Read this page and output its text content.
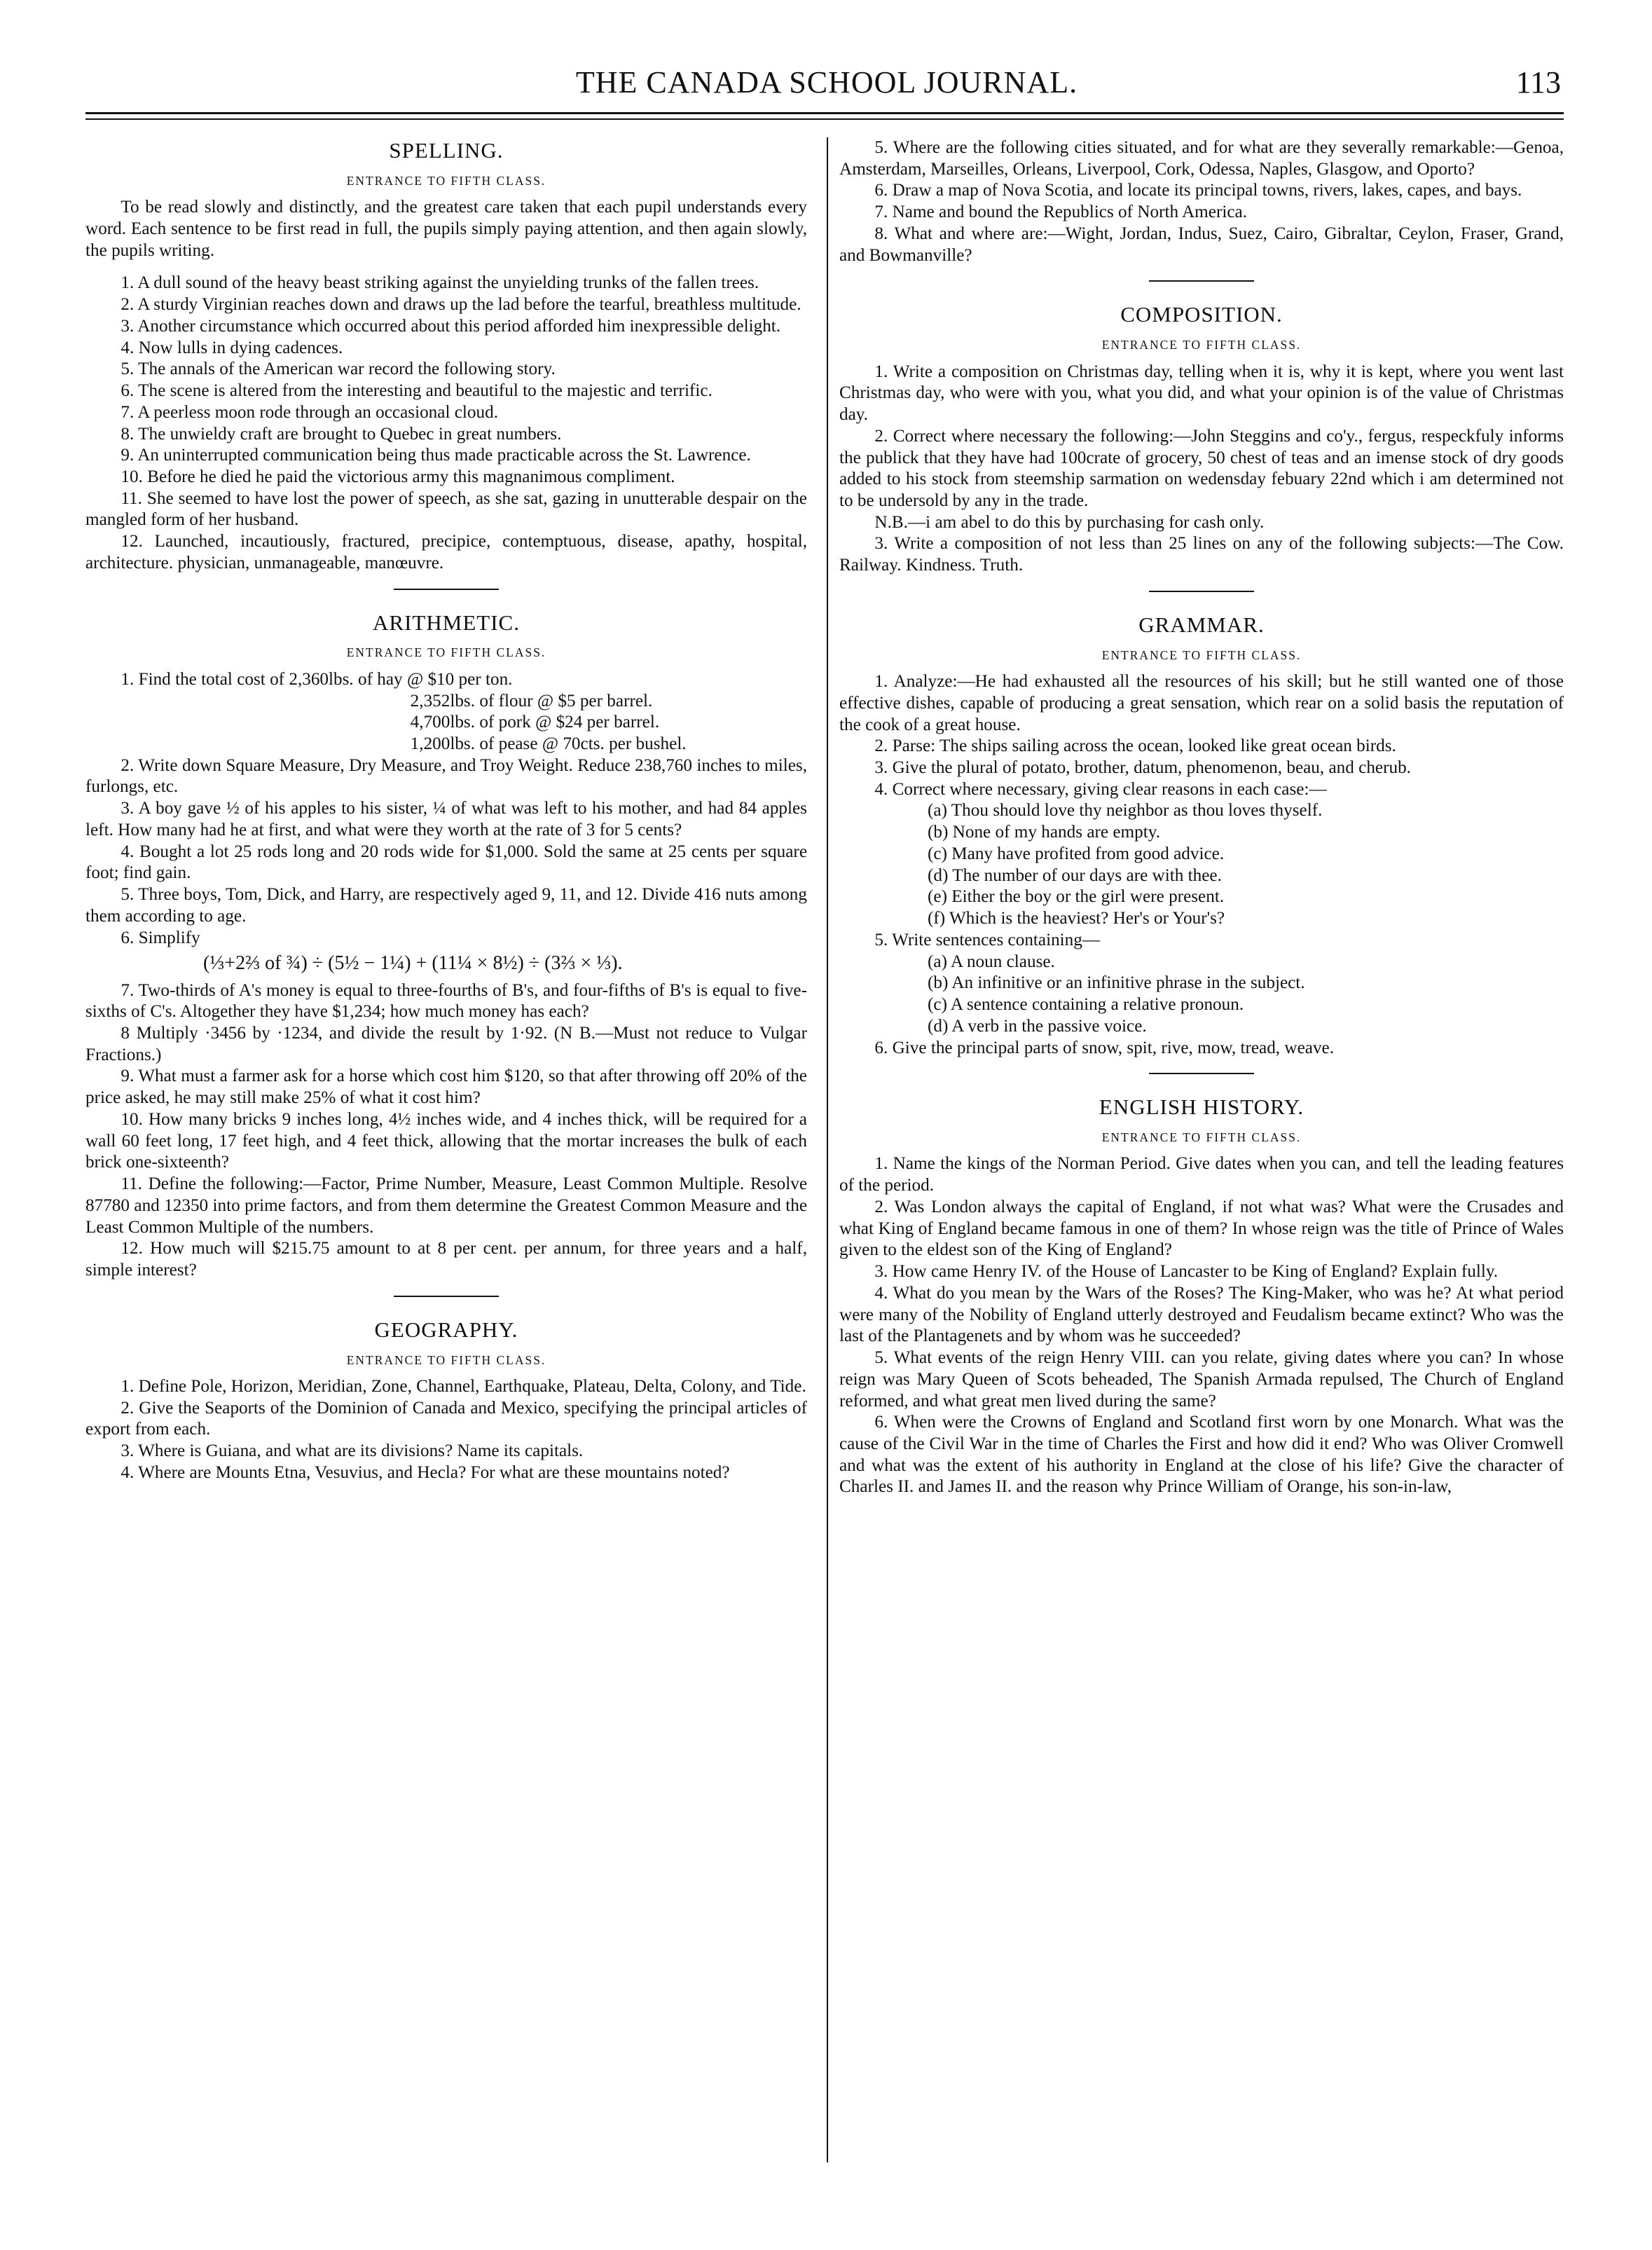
THE CANADA SCHOOL JOURNAL.	113
SPELLING.
ENTRANCE TO FIFTH CLASS.

To be read slowly and distinctly, and the greatest care taken that each pupil understands every word. Each sentence to be first read in full, the pupils simply paying attention, and then again slowly, the pupils writing.

1. A dull sound of the heavy beast striking against the unyielding trunks of the fallen trees.

2. A sturdy Virginian reaches down and draws up the lad before the tearful, breathless multitude.

3. Another circumstance which occurred about this period afforded him inexpressible delight.

4. Now lulls in dying cadences.

5. The annals of the American war record the following story.

6. The scene is altered from the interesting and beautiful to the majestic and terrific.

7. A peerless moon rode through an occasional cloud.

8. The unwieldy craft are brought to Quebec in great numbers.

9. An uninterrupted communication being thus made practicable across the St. Lawrence.

10. Before he died he paid the victorious army this magnanimous compliment.

11. She seemed to have lost the power of speech, as she sat, gazing in unutterable despair on the mangled form of her husband.

12. Launched, incautiously, fractured, precipice, contemptuous, disease, apathy, hospital, architecture. physician, unmanageable, manœuvre.

ARITHMETIC.
ENTRANCE TO FIFTH CLASS.

1. Find the total cost of 2,360lbs. of hay @ $10 per ton.

2,352lbs. of flour @ $5 per barrel.

4,700lbs. of pork @ $24 per barrel.

1,200lbs. of pease @ 70cts. per bushel.

2. Write down Square Measure, Dry Measure, and Troy Weight. Reduce 238,760 inches to miles, furlongs, etc.

3. A boy gave ½ of his apples to his sister, ¼ of what was left to his mother, and had 84 apples left. How many had he at first, and what were they worth at the rate of 3 for 5 cents?

4. Bought a lot 25 rods long and 20 rods wide for $1,000. Sold the same at 25 cents per square foot; find gain.

5. Three boys, Tom, Dick, and Harry, are respectively aged 9, 11, and 12. Divide 416 nuts among them according to age.

6. Simplify

(⅓+2⅔ of ¾) ÷ (5½ − 1¼) + (11¼ × 8½) ÷ (3⅔ × ⅓).

7. Two-thirds of A's money is equal to three-fourths of B's, and four-fifths of B's is equal to five-sixths of C's. Altogether they have $1,234; how much money has each?

8 Multiply ·3456 by ·1234, and divide the result by 1·92. (N B.—Must not reduce to Vulgar Fractions.)

9. What must a farmer ask for a horse which cost him $120, so that after throwing off 20% of the price asked, he may still make 25% of what it cost him?

10. How many bricks 9 inches long, 4½ inches wide, and 4 inches thick, will be required for a wall 60 feet long, 17 feet high, and 4 feet thick, allowing that the mortar increases the bulk of each brick one-sixteenth?

11. Define the following:—Factor, Prime Number, Measure, Least Common Multiple. Resolve 87780 and 12350 into prime factors, and from them determine the Greatest Common Measure and the Least Common Multiple of the numbers.

12. How much will $215.75 amount to at 8 per cent. per annum, for three years and a half, simple interest?

GEOGRAPHY.
ENTRANCE TO FIFTH CLASS.

1. Define Pole, Horizon, Meridian, Zone, Channel, Earthquake, Plateau, Delta, Colony, and Tide.

2. Give the Seaports of the Dominion of Canada and Mexico, specifying the principal articles of export from each.

3. Where is Guiana, and what are its divisions? Name its capitals.

4. Where are Mounts Etna, Vesuvius, and Hecla? For what are these mountains noted?

5. Where are the following cities situated, and for what are they severally remarkable:—Genoa, Amsterdam, Marseilles, Orleans, Liverpool, Cork, Odessa, Naples, Glasgow, and Oporto?

6. Draw a map of Nova Scotia, and locate its principal towns, rivers, lakes, capes, and bays.

7. Name and bound the Republics of North America.

8. What and where are:—Wight, Jordan, Indus, Suez, Cairo, Gibraltar, Ceylon, Fraser, Grand, and Bowmanville?

COMPOSITION.
ENTRANCE TO FIFTH CLASS.

1. Write a composition on Christmas day, telling when it is, why it is kept, where you went last Christmas day, who were with you, what you did, and what your opinion is of the value of Christmas day.

2. Correct where necessary the following:—John Steggins and co'y., fergus, respeckfuly informs the publick that they have had 100crate of grocery, 50 chest of teas and an imense stock of dry goods added to his stock from steemship sarmation on wedensday febuary 22nd which i am determined not to be undersold by any in the trade.

N.B.—i am abel to do this by purchasing for cash only.

3. Write a composition of not less than 25 lines on any of the following subjects:—The Cow. Railway. Kindness. Truth.

GRAMMAR.
ENTRANCE TO FIFTH CLASS.

1. Analyze:—He had exhausted all the resources of his skill; but he still wanted one of those effective dishes, capable of producing a great sensation, which rear on a solid basis the reputation of the cook of a great house.

2. Parse: The ships sailing across the ocean, looked like great ocean birds.

3. Give the plural of potato, brother, datum, phenomenon, beau, and cherub.

4. Correct where necessary, giving clear reasons in each case:—

(a) Thou should love thy neighbor as thou loves thyself.

(b) None of my hands are empty.

(c) Many have profited from good advice.

(d) The number of our days are with thee.

(e) Either the boy or the girl were present.

(f) Which is the heaviest? Her's or Your's?

5. Write sentences containing—

(a) A noun clause.

(b) An infinitive or an infinitive phrase in the subject.

(c) A sentence containing a relative pronoun.

(d) A verb in the passive voice.

6. Give the principal parts of snow, spit, rive, mow, tread, weave.

ENGLISH HISTORY.
ENTRANCE TO FIFTH CLASS.

1. Name the kings of the Norman Period. Give dates when you can, and tell the leading features of the period.

2. Was London always the capital of England, if not what was? What were the Crusades and what King of England became famous in one of them? In whose reign was the title of Prince of Wales given to the eldest son of the King of England?

3. How came Henry IV. of the House of Lancaster to be King of England? Explain fully.

4. What do you mean by the Wars of the Roses? The King-Maker, who was he? At what period were many of the Nobility of England utterly destroyed and Feudalism became extinct? Who was the last of the Plantagenets and by whom was he succeeded?

5. What events of the reign Henry VIII. can you relate, giving dates where you can? In whose reign was Mary Queen of Scots beheaded, The Spanish Armada repulsed, The Church of England reformed, and what great men lived during the same?

6. When were the Crowns of England and Scotland first worn by one Monarch. What was the cause of the Civil War in the time of Charles the First and how did it end? Who was Oliver Cromwell and what was the extent of his authority in England at the close of his life? Give the character of Charles II. and James II. and the reason why Prince William of Orange, his son-in-law,
